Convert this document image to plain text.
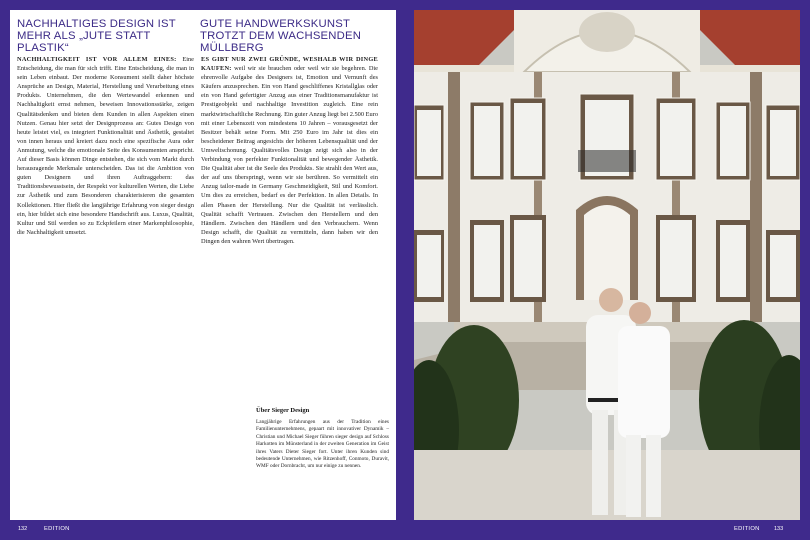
NACHHALTIGES DESIGN IST MEHR ALS „JUTE STATT PLASTIK“
GUTE HANDWERKSKUNST TROTZT DEM WACHSENDEN MÜLLBERG

NACHHALTIGKEIT IST VOR ALLEM EINES: Eine Entscheidung, die man für sich trifft. Eine Entscheidung, die man in sein Leben einbaut. Der moderne Konsument stellt daher höchste Ansprüche an Design, Material, Herstellung und Verarbeitung eines Produkts. Unternehmen, die den Wertewandel erkennen und Nachhaltigkeit ernst nehmen, beweisen Innovationsstärke, zeigen Qualitätsdenken und bieten dem Kunden in allen Aspekten einen Nutzen. Genau hier setzt der Designprozess an: Gutes Design von heute leistet viel, es integriert Funktionalität und Ästhetik, gestaltet von innen heraus und kreiert dazu noch eine spezifische Aura oder Anmutung, welche die emotionale Seite des Konsumenten anspricht. Auf dieser Basis können Dinge entstehen, die sich vom Markt durch herausragende Merkmale unterscheiden. Das ist die Ambition von guten Designern und ihren Auftraggebern: das Traditionsbewusstsein, der Respekt vor kulturellen Werten, die Liebe zur Ästhetik und zum Besonderen charakterisieren die gesamten Kollektionen. Hier fließt die langjährige Erfahrung von sieger design ein, hier bildet sich eine besondere Handschrift aus. Luxus, Qualität, Kultur und Stil werden so zu Eckpfeilern einer Markenphilosophie, die Nachhaltigkeit umsetzt.

ES GIBT NUR ZWEI GRÜNDE, WESHALB WIR DINGE KAUFEN: weil wir sie brauchen oder weil wir sie begehren. Die ehrenvolle Aufgabe des Designers ist, Emotion und Vernunft des Käufers anzusprechen. Ein von Hand geschliffenes Kristallglas oder ein von Hand gefertigter Anzug aus einer Traditionsmanufaktur ist Prestigeobjekt und nachhaltige Investition zugleich. Eine rein marktwirtschaftliche Rechnung. Ein guter Anzug liegt bei 2.500 Euro mit einer Lebenszeit von mindestens 10 Jahren – vorausgesetzt der Besitzer behält seine Form. Mit 250 Euro im Jahr ist dies ein bescheidener Beitrag angesichts der höheren Lebensqualität und der Umweltschonung. Qualitätsvolles Design zeigt sich also in der Verbindung von perfekter Funktionalität und bewegender Ästhetik. Die Qualität aber ist die Seele des Produkts. Sie strahlt den Wert aus, der auf uns überspringt, wenn wir sie berühren. So vermittelt ein Anzug tailor-made in Germany Geschmeidigkeit, Stil und Komfort. Um dies zu erreichen, bedarf es der Perfektion. In allen Details. In allen Phasen der Herstellung. Nur die Qualität ist verlässlich. Qualität schafft Vertrauen. Zwischen den Herstellern und den Händlern. Zwischen den Händlern und den Verbrauchern. Wenn Design schafft, die Qualität zu vermitteln, dann haben wir den Dingen den wahren Wert übertragen.

Über Sieger Design
Langjährige Erfahrungen aus der Tradition eines Familienunternehmens, gepaart mit innovativer Dynamik – Christian und Michael Sieger führen sieger design auf Schloss Harkotten im Münsterland in der zweiten Generation im Geist ihres Vaters Dieter Sieger fort. Unter ihren Kunden sind bedeutende Unternehmen, wie Ritzenhoff, Conmoto, Duravit, WMF oder Dornbracht, um nur einige zu nennen.
132	EDITION	EDITION	133
